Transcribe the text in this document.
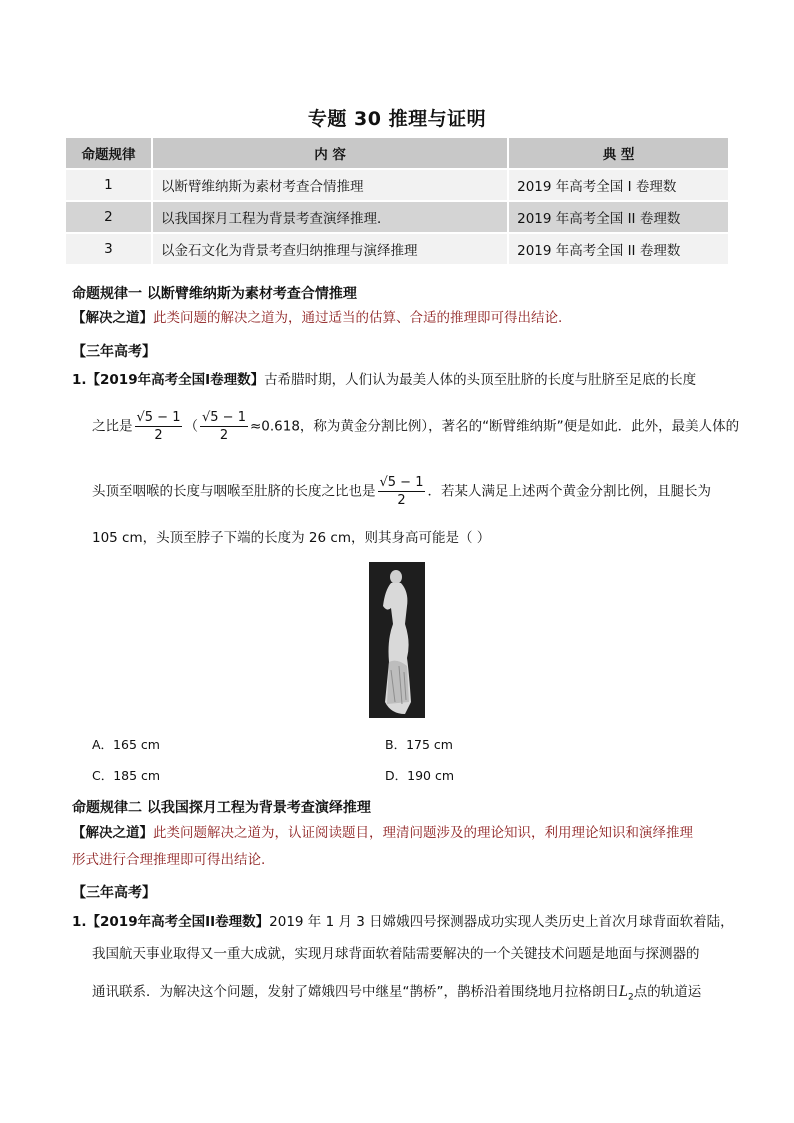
专题 30 推理与证明
命题规律	内 容	典 型
1	以断臂维纳斯为素材考查合情推理	2019 年高考全国 I 卷理数
2	以我国探月工程为背景考查演绎推理．	2019 年高考全国 II 卷理数
3	以金石文化为背景考查归纳推理与演绎推理	2019 年高考全国 II 卷理数
命题规律一 以断臂维纳斯为素材考查合情推理
【解决之道】此类问题的解决之道为，通过适当的估算、合适的推理即可得出结论.
【三年高考】
1.【2019年高考全国I卷理数】古希腊时期，人们认为最美人体的头顶至肚脐的长度与肚脐至足底的长度
之比是 $\frac{√5 - 1}{2}$ （ $\frac{√5 - 1}{2} \approx 0.618$，称为黄金分割比例），著名的“断臂维纳斯”便是如此．此外，最美人体的
头顶至咽喉的长度与咽喉至肚脐的长度之比也是 $\frac{√5 - 1}{2}$ ．若某人满足上述两个黄金分割比例，且腿长为
105 cm，头顶至脖子下端的长度为 26 cm，则其身高可能是（ ）
A．165 cm	B．175 cm
C．185 cm	D．190 cm
命题规律二 以我国探月工程为背景考查演绎推理
【解决之道】此类问题解决之道为，认证阅读题目，理清问题涉及的理论知识，利用理论知识和演绎推理
形式进行合理推理即可得出结论.
【三年高考】
1.【2019年高考全国II卷理数】2019 年 1 月 3 日嫦娥四号探测器成功实现人类历史上首次月球背面软着陆，
我国航天事业取得又一重大成就，实现月球背面软着陆需要解决的一个关键技术问题是地面与探测器的
通讯联系．为解决这个问题，发射了嫦娥四号中继星“鹊桥”，鹊桥沿着围绕地月拉格朗日$L_2$点的轨道运
